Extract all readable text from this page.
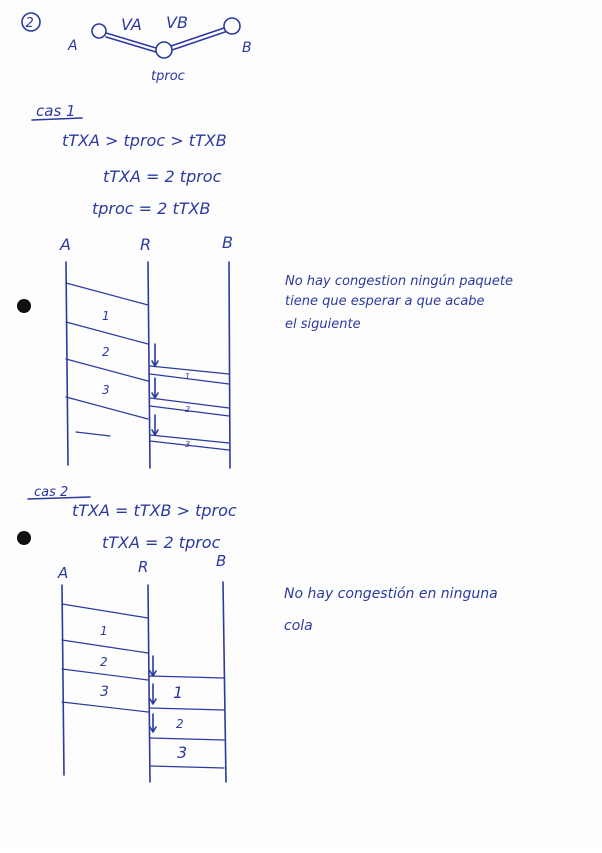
2
A	B
VA VB
tproc
cas 1
tTXA > tproc > tTXB
tTXA = 2 tproc
tproc = 2 tTXB
A	R	B
1
2
3
1
2
3
No hay congestion ningún paquete
tiene que esperar a que acabe
el siguiente
cas 2
tTXA = tTXB > tproc
tTXA = 2 tproc
A	R	B
1
2
3	1
2
3
No hay congestión en ninguna
cola
